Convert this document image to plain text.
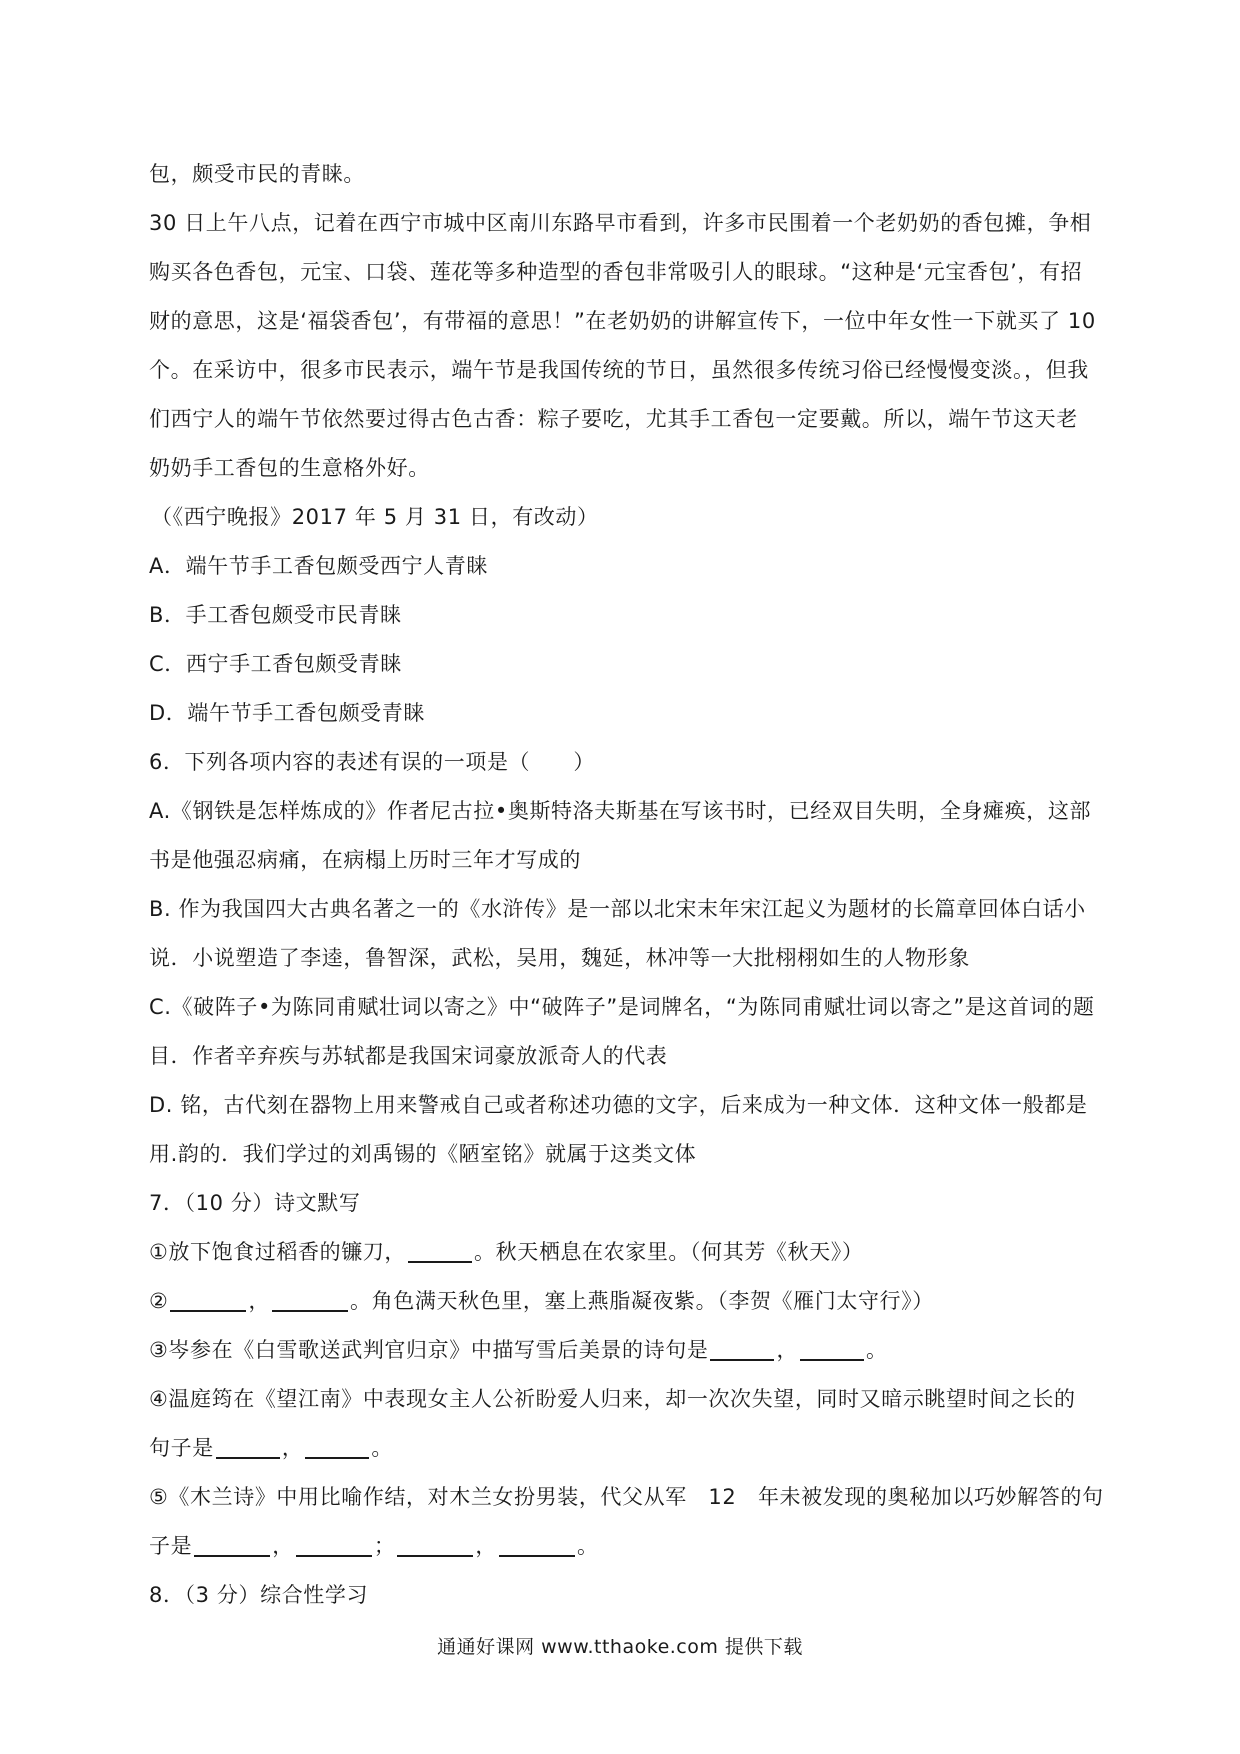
包，颇受市民的青睐。
30 日上午八点，记着在西宁市城中区南川东路早市看到，许多市民围着一个老奶奶的香包摊，争相
购买各色香包，元宝、口袋、莲花等多种造型的香包非常吸引人的眼球。“这种是‘元宝香包’，有招
财的意思，这是‘福袋香包’，有带福的意思！”在老奶奶的讲解宣传下，一位中年女性一下就买了 10
个。在采访中，很多市民表示，端午节是我国传统的节日，虽然很多传统习俗已经慢慢变淡。，但我
们西宁人的端午节依然要过得古色古香：粽子要吃，尤其手工香包一定要戴。所以，端午节这天老
奶奶手工香包的生意格外好。
（《西宁晚报》2017 年 5 月 31 日，有改动）
A．端午节手工香包颇受西宁人青睐
B．手工香包颇受市民青睐
C．西宁手工香包颇受青睐
D．端午节手工香包颇受青睐
6．下列各项内容的表述有误的一项是（　　）
A.《钢铁是怎样炼成的》作者尼古拉•奥斯特洛夫斯基在写该书时，已经双目失明，全身瘫痪，这部
书是他强忍病痛，在病榻上历时三年才写成的
B. 作为我国四大古典名著之一的《水浒传》是一部以北宋末年宋江起义为题材的长篇章回体白话小
说．小说塑造了李逵，鲁智深，武松，吴用，魏延，林冲等一大批栩栩如生的人物形象
C.《破阵子•为陈同甫赋壮词以寄之》中“破阵子”是词牌名，“为陈同甫赋壮词以寄之”是这首词的题
目．作者辛弃疾与苏轼都是我国宋词豪放派奇人的代表
D. 铭，古代刻在器物上用来警戒自己或者称述功德的文字，后来成为一种文体．这种文体一般都是
用.韵的．我们学过的刘禹锡的《陋室铭》就属于这类文体
7．（10 分）诗文默写
①放下饱食过稻香的镰刀，	。秋天栖息在农家里。（何其芳《秋天》）
②	，	。角色满天秋色里，塞上燕脂凝夜紫。（李贺《雁门太守行》）
③岑参在《白雪歌送武判官归京》中描写雪后美景的诗句是	，	。
④温庭筠在《望江南》中表现女主人公祈盼爱人归来，却一次次失望，同时又暗示眺望时间之长的
句子是	，	。
⑤《木兰诗》中用比喻作结，对木兰女扮男装，代父从军　12　年未被发现的奥秘加以巧妙解答的句
子是	，	；	，	。
8．（3 分）综合性学习
通通好课网 www.tthaoke.com 提供下载
